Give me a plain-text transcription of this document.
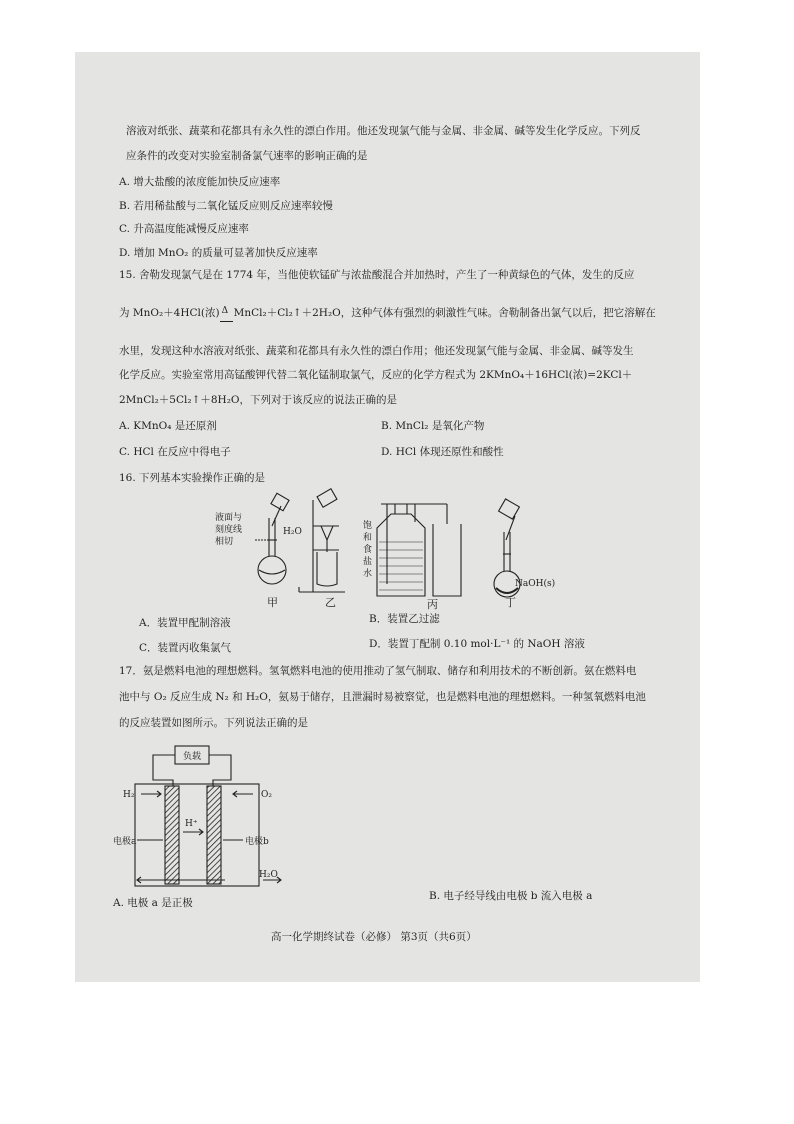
溶液对纸张、蔬菜和花都具有永久性的漂白作用。他还发现氯气能与金属、非金属、碱等发生化学反应。下列反
应条件的改变对实验室制备氯气速率的影响正确的是
A. 增大盐酸的浓度能加快反应速率
B. 若用稀盐酸与二氧化锰反应则反应速率较慢
C. 升高温度能减慢反应速率
D. 增加 MnO₂ 的质量可显著加快反应速率
15. 舍勒发现氯气是在 1774 年，当他使软锰矿与浓盐酸混合并加热时，产生了一种黄绿色的气体，发生的反应
为 MnO₂＋4HCl(浓) Δ MnCl₂＋Cl₂↑＋2H₂O，这种气体有强烈的刺激性气味。舍勒制备出氯气以后，把它溶解在
水里，发现这种水溶液对纸张、蔬菜和花都具有永久性的漂白作用；他还发现氯气能与金属、非金属、碱等发生
化学反应。实验室常用高锰酸钾代替二氧化锰制取氯气，反应的化学方程式为 2KMnO₄＋16HCl(浓)=2KCl＋
2MnCl₂＋5Cl₂↑＋8H₂O，下列对于该反应的说法正确的是
A. KMnO₄ 是还原剂	B. MnCl₂ 是氧化产物
C. HCl 在反应中得电子	D. HCl 体现还原性和酸性
16. 下列基本实验操作正确的是
液面与
刻度线
相切
H₂O
饱
和
食
盐
水
NaOH(s)
甲	乙	丙	丁
A．装置甲配制溶液	B．装置乙过滤
C．装置丙收集氯气	D．装置丁配制 0.10 mol·L⁻¹ 的 NaOH 溶液
17．氨是燃料电池的理想燃料。氢氧燃料电池的使用推动了氢气制取、储存和利用技术的不断创新。氨在燃料电
池中与 O₂ 反应生成 N₂ 和 H₂O，氨易于储存，且泄漏时易被察觉，也是燃料电池的理想燃料。一种氢氧燃料电池
的反应装置如图所示。下列说法正确的是
负载
H₂	O₂
H⁺
电极a	电极b
H₂O
A. 电极 a 是正极
B. 电子经导线由电极 b 流入电极 a
高一化学期终试卷（必修） 第3页（共6页）
